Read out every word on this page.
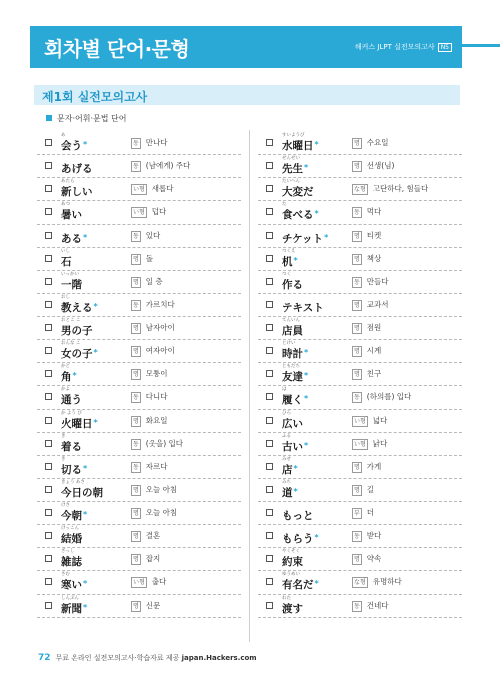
회차별 단어·문형	해커스 JLPT 실전모의고사 N5
제1회 실전모의고사
문자·어휘·문법 단어
あ
会う*	동 만나다
あげる	동 (남에게) 주다
あたら
新しい	い형 새롭다
あつ
暑い	い형 덥다
ある*	동 있다
いし
石	명 돌
いっかい
一階	명 일 층
おし
教える*	동 가르치다
おとこ こ
男の子	명 남자아이
おんな こ
女の子*	명 여자아이
かど
角*	명 모퉁이
かよ
通う	동 다니다
か よう び
火曜日*	명 화요일
き
着る	동 (옷을) 입다
き
切る*	동 자르다
きょう あさ
今日の朝	명 오늘 아침
けさ
今朝*	명 오늘 아침
けっこん
結婚	명 결혼
ざっし
雑誌	명 잡지
さむ
寒い*	い형 춥다
しんぶん
新聞*	명 신문
すいようび
水曜日*	명 수요일
せんせい
先生*	명 선생(님)
たいへん
大変だ	な형 고단하다, 힘들다
た
食べる*	동 먹다
チケット*	명 티켓
つくえ
机*	명 책상
つく
作る	동 만들다
テキスト	명 교과서
てんいん
店員	명 점원
とけい
時計*	명 시계
ともだち
友達*	명 친구
は
履く*	동 (하의를) 입다
ひろ
広い	い형 넓다
ふる
古い*	い형 낡다
みせ
店*	명 가게
みち
道*	명 길
もっと	부 더
もらう*	동 받다
やくそく
約束	명 약속
ゆうめい
有名だ*	な형 유명하다
わた
渡す	동 건네다
72 무료 온라인 실전모의고사·학습자료 제공 japan.Hackers.com
